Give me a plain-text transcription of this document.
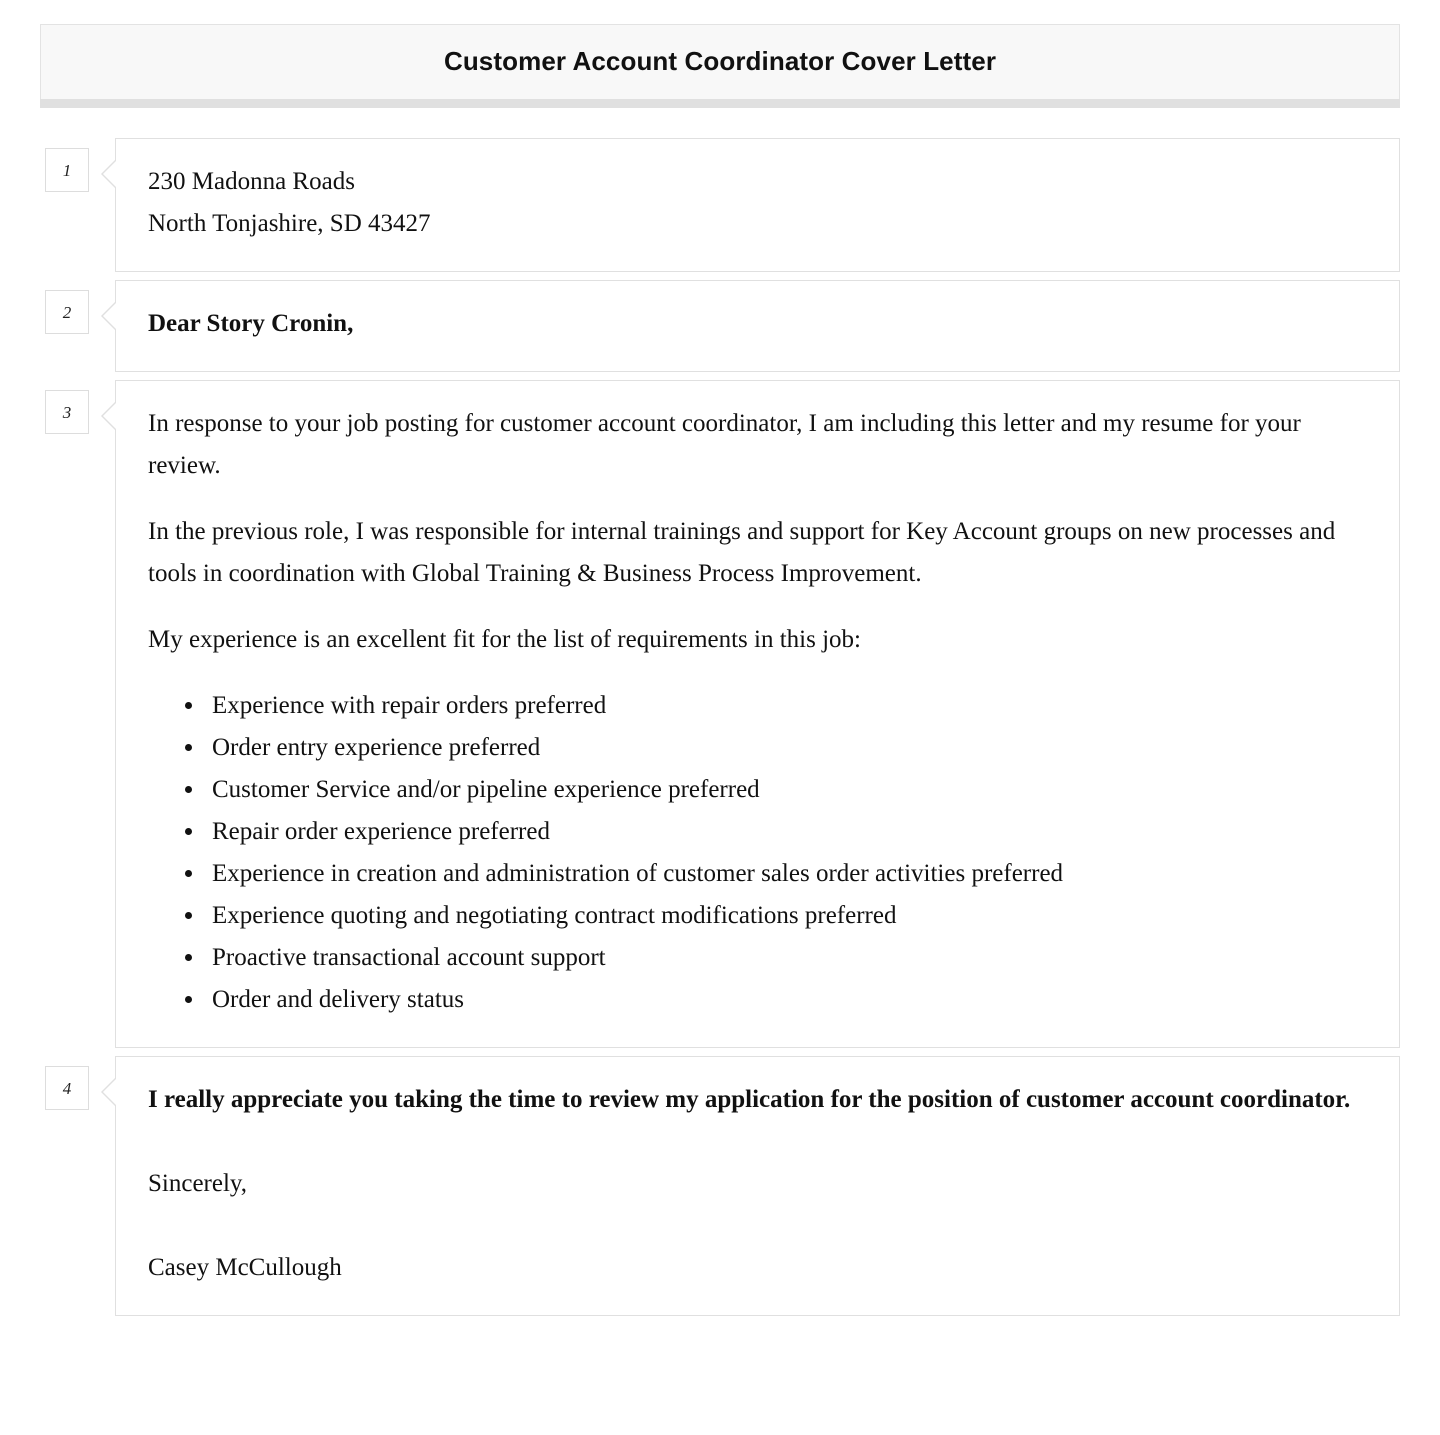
Customer Account Coordinator Cover Letter
1	230 Madonna Roads
North Tonjashire, SD 43427
2	Dear Story Cronin,
3	In response to your job posting for customer account coordinator, I am including this letter and my resume for your review.

In the previous role, I was responsible for internal trainings and support for Key Account groups on new processes and tools in coordination with Global Training & Business Process Improvement.

My experience is an excellent fit for the list of requirements in this job:

• Experience with repair orders preferred
• Order entry experience preferred
• Customer Service and/or pipeline experience preferred
• Repair order experience preferred
• Experience in creation and administration of customer sales order activities preferred
• Experience quoting and negotiating contract modifications preferred
• Proactive transactional account support
• Order and delivery status
4	I really appreciate you taking the time to review my application for the position of customer account coordinator.

Sincerely,

Casey McCullough
